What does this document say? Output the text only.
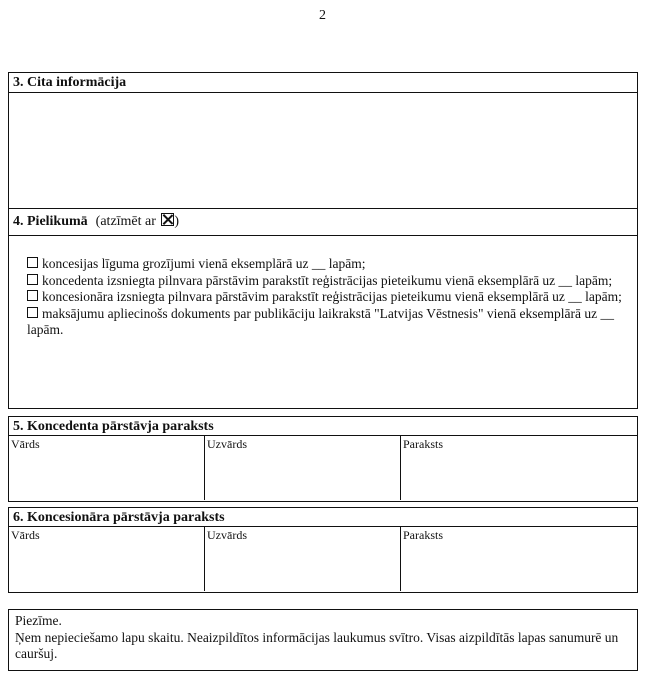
2
3. Cita informācija
4. Pielikumā (atzīmēt ar )

koncesijas līguma grozījumi vienā eksemplārā uz __ lapām;

koncedenta izsniegta pilnvara pārstāvim parakstīt reģistrācijas pieteikumu vienā eksemplārā uz __ lapām;

koncesionāra izsniegta pilnvara pārstāvim parakstīt reģistrācijas pieteikumu vienā eksemplārā uz __ lapām;

maksājumu apliecinošs dokuments par publikāciju laikrakstā "Latvijas Vēstnesis" vienā eksemplārā uz __ lapām.

5. Koncedenta pārstāvja paraksts
Vārds	Uzvārds	Paraksts
6. Koncesionāra pārstāvja paraksts
Vārds	Uzvārds	Paraksts
Piezīme.
Ņem nepieciešamo lapu skaitu. Neaizpildītos informācijas laukumus svītro. Visas aizpildītās lapas sanumurē un cauršuj.
